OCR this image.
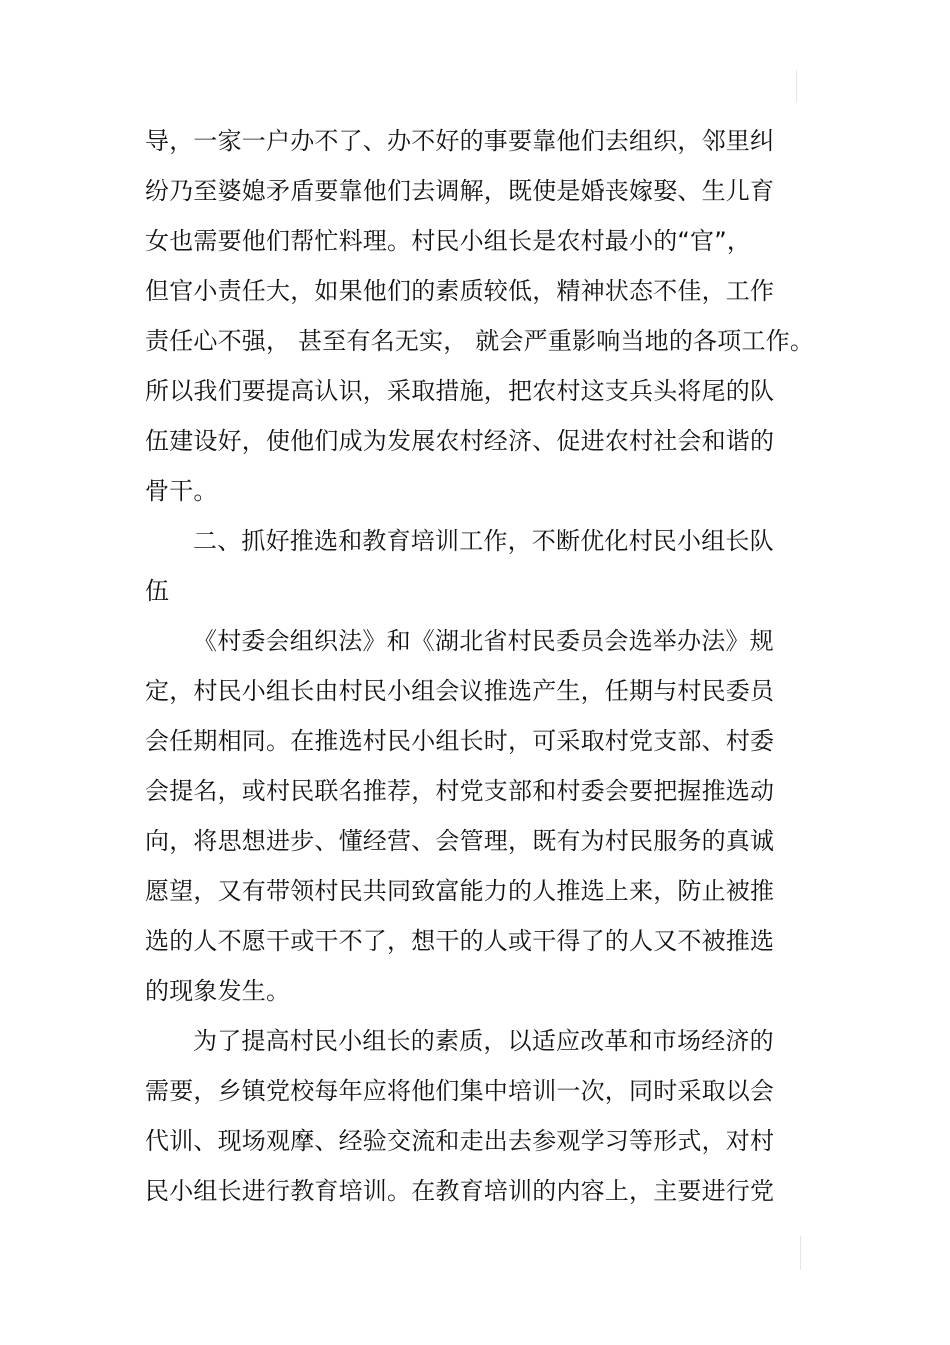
导，一家一户办不了、办不好的事要靠他们去组织，邻里纠
纷乃至婆媳矛盾要靠他们去调解，既使是婚丧嫁娶、生儿育
女也需要他们帮忙料理。村民小组长是农村最小的“官”，
但官小责任大，如果他们的素质较低，精神状态不佳，工作
责任心不强， 甚至有名无实， 就会严重影响当地的各项工作。
所以我们要提高认识，采取措施，把农村这支兵头将尾的队
伍建设好，使他们成为发展农村经济、促进农村社会和谐的
骨干。
二、抓好推选和教育培训工作，不断优化村民小组长队
伍
《村委会组织法》和《湖北省村民委员会选举办法》规
定，村民小组长由村民小组会议推选产生，任期与村民委员
会任期相同。在推选村民小组长时，可采取村党支部、村委
会提名，或村民联名推荐，村党支部和村委会要把握推选动
向，将思想进步、懂经营、会管理，既有为村民服务的真诚
愿望，又有带领村民共同致富能力的人推选上来，防止被推
选的人不愿干或干不了，想干的人或干得了的人又不被推选
的现象发生。
为了提高村民小组长的素质，以适应改革和市场经济的
需要，乡镇党校每年应将他们集中培训一次，同时采取以会
代训、现场观摩、经验交流和走出去参观学习等形式，对村
民小组长进行教育培训。在教育培训的内容上，主要进行党
